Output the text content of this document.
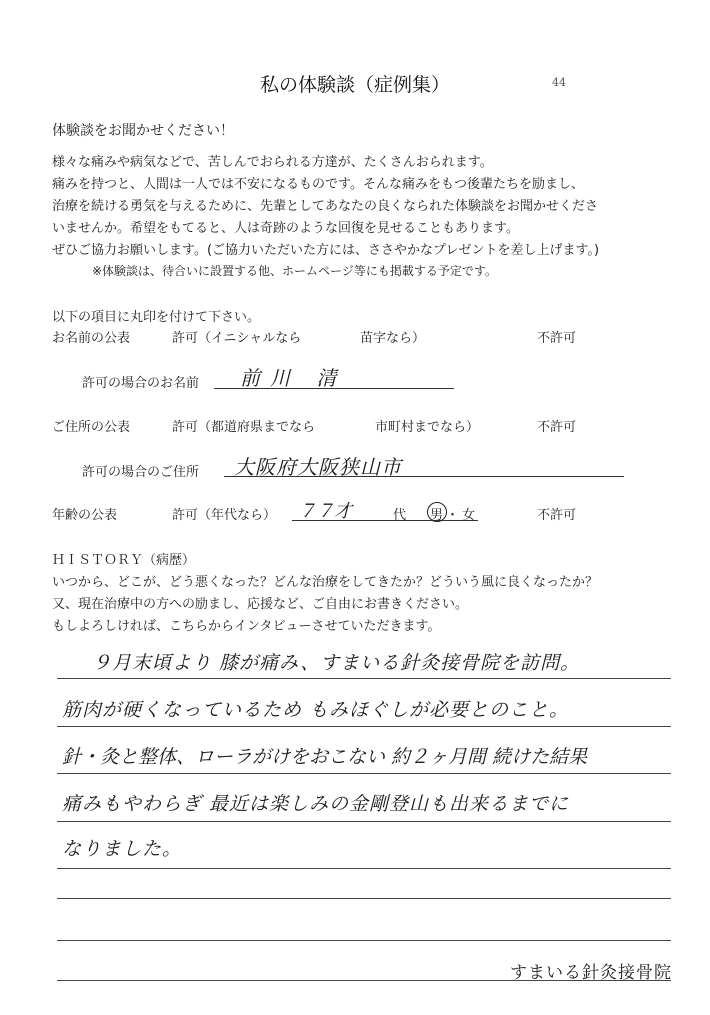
私の体験談（症例集）	44
体験談をお聞かせください！
様々な痛みや病気などで、苦しんでおられる方達が、たくさんおられます。
痛みを持つと、人間は一人では不安になるものです。そんな痛みをもつ後輩たちを励まし、
治療を続ける勇気を与えるために、先輩としてあなたの良くなられた体験談をお聞かせくださ
いませんか。希望をもてると、人は奇跡のような回復を見せることもあります。
ぜひご協力お願いします。(ご協力いただいた方には、ささやかなプレゼントを差し上げます。)
※体験談は、待合いに設置する他、ホームページ等にも掲載する予定です。
以下の項目に丸印を付けて下さい。
お名前の公表	許可（イニシャルなら	苗字なら）	不許可
許可の場合のお名前 前川 清
ご住所の公表	許可（都道府県までなら	市町村までなら）	不許可
許可の場合のご住所 大阪府大阪狭山市
年齢の公表	許可（年代なら） ７７才	代 男 ・ 女	不許可
ＨＩＳＴＯＲＹ（病歴）
いつから、どこが、どう悪くなった？どんな治療をしてきたか？どういう風に良くなったか？
又、現在治療中の方への励まし、応援など、ご自由にお書きください。
もしよろしければ、こちらからインタビューさせていただきます。
９月末頃より 膝が痛み、すまいる針灸接骨院を訪問。
筋肉が硬くなっているため もみほぐしが必要とのこと。
針・灸と整体、ローラがけをおこない 約２ヶ月間 続けた結果
痛みもやわらぎ 最近は楽しみの金剛登山も出来るまでに
なりました。
すまいる針灸接骨院
